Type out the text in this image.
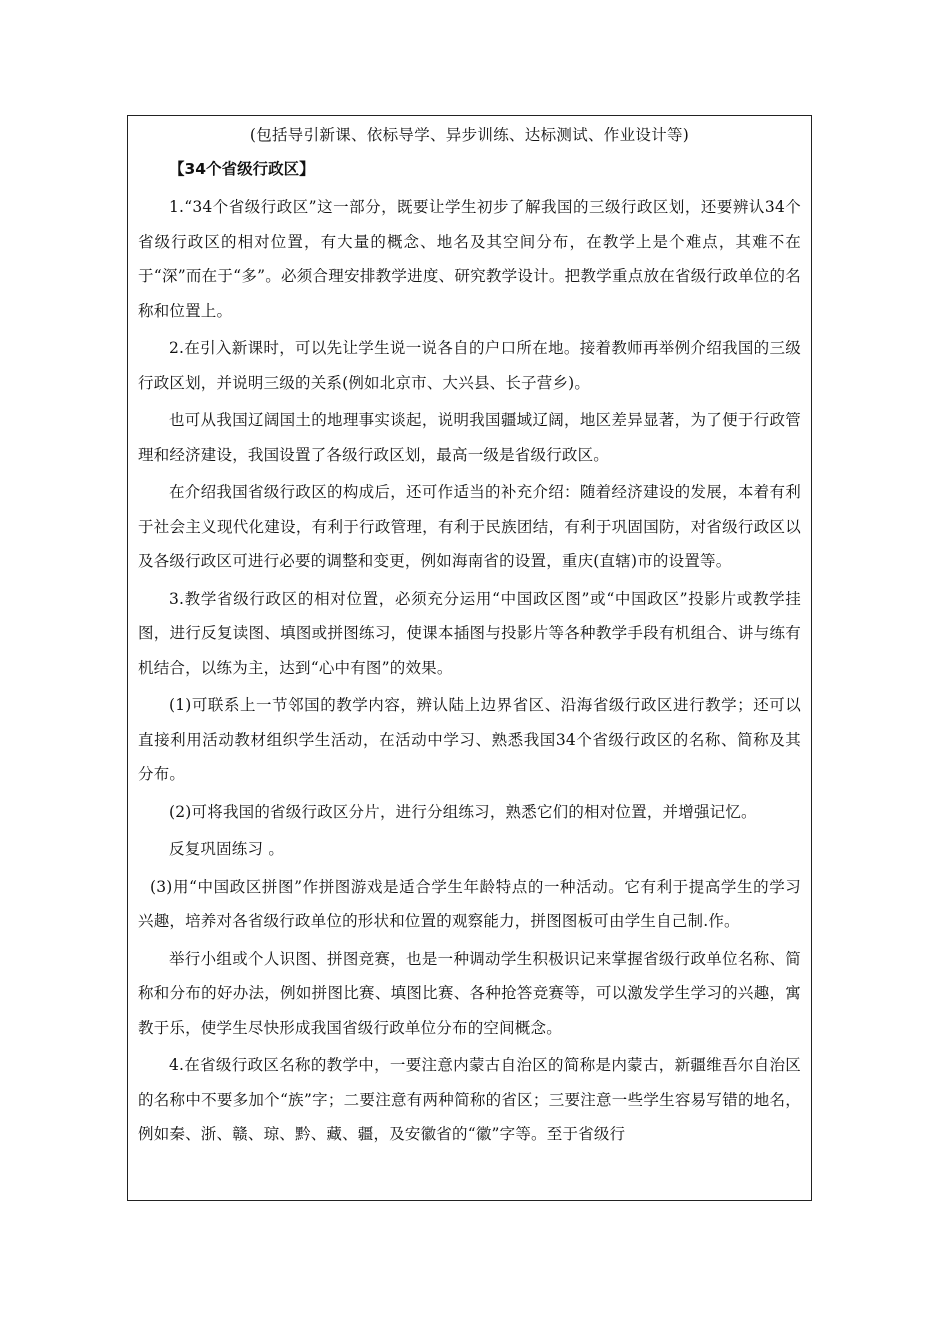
(包括导引新课、依标导学、异步训练、达标测试、作业设计等)
【34个省级行政区】

1.“34个省级行政区”这一部分，既要让学生初步了解我国的三级行政区划，还要辨认34个省级行政区的相对位置，有大量的概念、地名及其空间分布，在教学上是个难点，其难不在于“深”而在于“多”。必须合理安排教学进度、研究教学设计。把教学重点放在省级行政单位的名称和位置上。

2.在引入新课时，可以先让学生说一说各自的户口所在地。接着教师再举例介绍我国的三级行政区划，并说明三级的关系(例如北京市、大兴县、长子营乡)。

也可从我国辽阔国土的地理事实谈起，说明我国疆域辽阔，地区差异显著，为了便于行政管理和经济建设，我国设置了各级行政区划，最高一级是省级行政区。

在介绍我国省级行政区的构成后，还可作适当的补充介绍：随着经济建设的发展，本着有利于社会主义现代化建设，有利于行政管理，有利于民族团结，有利于巩固国防，对省级行政区以及各级行政区可进行必要的调整和变更，例如海南省的设置，重庆(直辖)市的设置等。

3.教学省级行政区的相对位置，必须充分运用“中国政区图”或“中国政区”投影片或教学挂图，进行反复读图、填图或拼图练习，使课本插图与投影片等各种教学手段有机组合、讲与练有机结合，以练为主，达到“心中有图”的效果。

(1)可联系上一节邻国的教学内容，辨认陆上边界省区、沿海省级行政区进行教学；还可以直接利用活动教材组织学生活动，在活动中学习、熟悉我国34个省级行政区的名称、简称及其分布。

(2)可将我国的省级行政区分片，进行分组练习，熟悉它们的相对位置，并增强记忆。

反复巩固练习 。

(3)用“中国政区拼图”作拼图游戏是适合学生年龄特点的一种活动。它有利于提高学生的学习兴趣，培养对各省级行政单位的形状和位置的观察能力，拼图图板可由学生自己制.作。

举行小组或个人识图、拼图竞赛，也是一种调动学生积极识记来掌握省级行政单位名称、简称和分布的好办法，例如拼图比赛、填图比赛、各种抢答竞赛等，可以激发学生学习的兴趣，寓教于乐，使学生尽快形成我国省级行政单位分布的空间概念。

4.在省级行政区名称的教学中，一要注意内蒙古自治区的简称是内蒙古，新疆维吾尔自治区的名称中不要多加个“族”字；二要注意有两种简称的省区；三要注意一些学生容易写错的地名，例如秦、浙、赣、琼、黔、藏、疆，及安徽省的“徽”字等。至于省级行
